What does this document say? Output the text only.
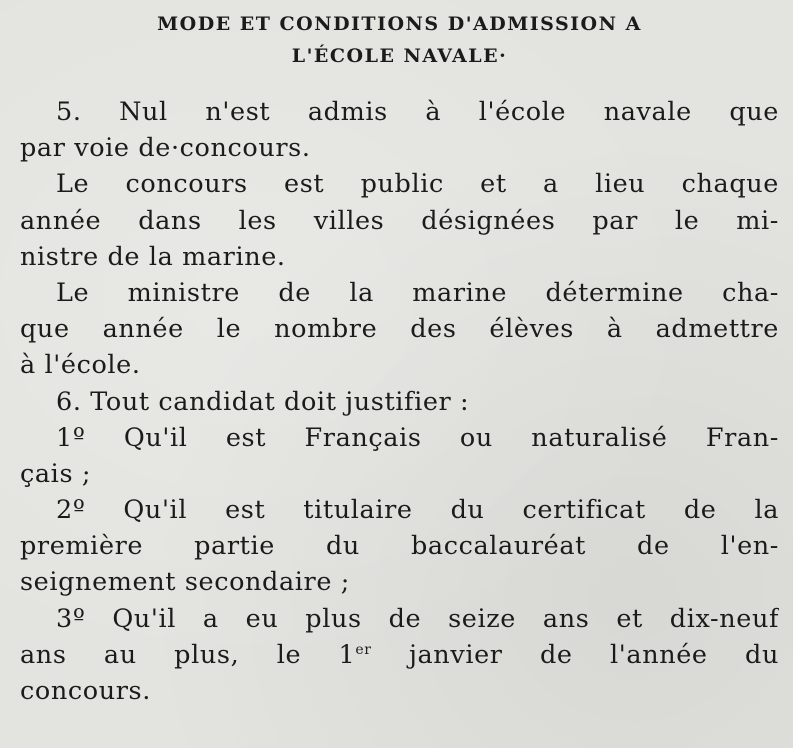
MODE ET CONDITIONS D'ADMISSION A
L'ÉCOLE NAVALE·
5. Nul n'est admis à l'école navale que
par voie de·concours.
Le concours est public et a lieu chaque
année dans les villes désignées par le mi-
nistre de la marine.
Le ministre de la marine détermine cha-
que année le nombre des élèves à admettre
à l'école.
6. Tout candidat doit justifier :
1º Qu'il est Français ou naturalisé Fran-
çais ;
2º Qu'il est titulaire du certificat de la
première partie du baccalauréat de l'en-
seignement secondaire ;
3º Qu'il a eu plus de seize ans et dix-neuf
ans au plus, le 1er janvier de l'année du
concours.
